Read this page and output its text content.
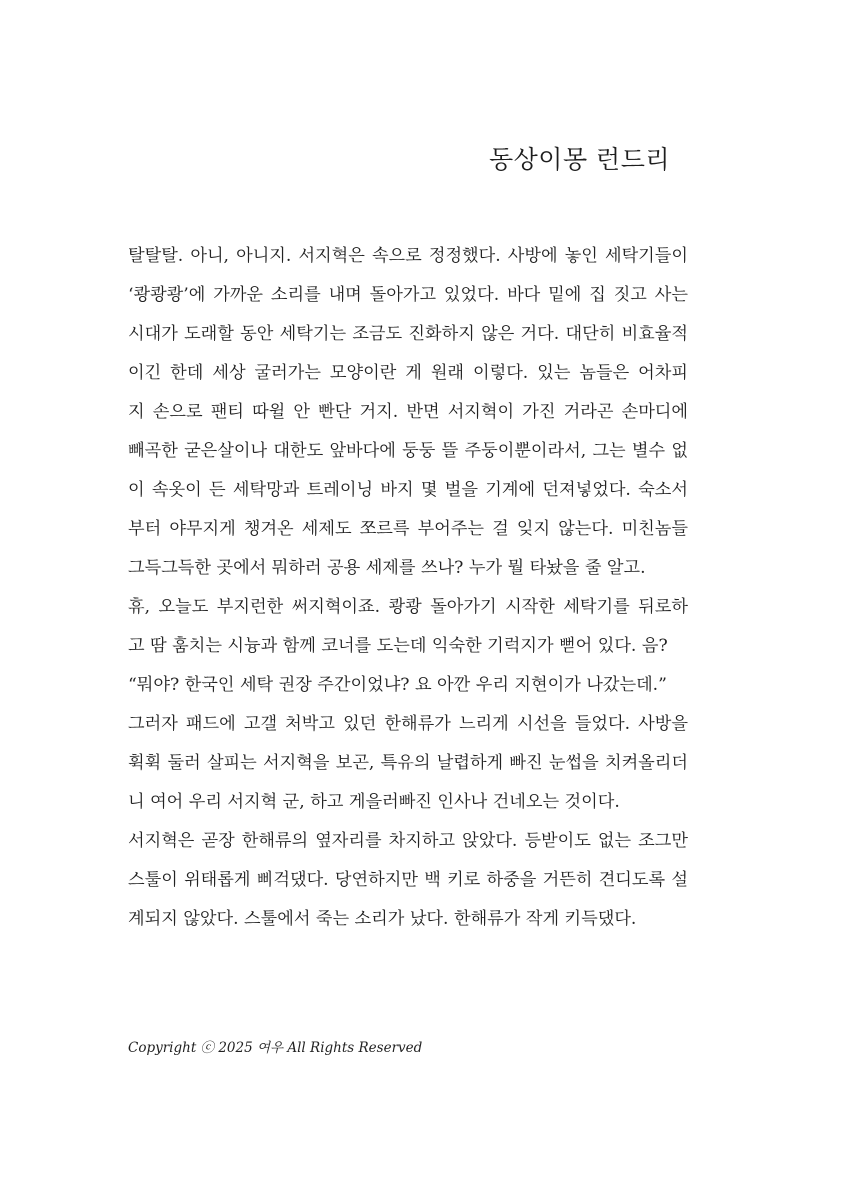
동상이몽 런드리
탈탈탈. 아니, 아니지. 서지혁은 속으로 정정했다. 사방에 놓인 세탁기들이
‘쾅쾅쾅’에 가까운 소리를 내며 돌아가고 있었다. 바다 밑에 집 짓고 사는
시대가 도래할 동안 세탁기는 조금도 진화하지 않은 거다. 대단히 비효율적
이긴 한데 세상 굴러가는 모양이란 게 원래 이렇다. 있는 놈들은 어차피
지 손으로 팬티 따윌 안 빤단 거지. 반면 서지혁이 가진 거라곤 손마디에
빼곡한 굳은살이나 대한도 앞바다에 둥둥 뜰 주둥이뿐이라서, 그는 별수 없
이 속옷이 든 세탁망과 트레이닝 바지 몇 벌을 기계에 던져넣었다. 숙소서
부터 야무지게 챙겨온 세제도 쪼르륵 부어주는 걸 잊지 않는다. 미친놈들
그득그득한 곳에서 뭐하러 공용 세제를 쓰나? 누가 뭘 타놨을 줄 알고.
휴, 오늘도 부지런한 써지혁이죠. 쾅쾅 돌아가기 시작한 세탁기를 뒤로하
고 땀 훔치는 시늉과 함께 코너를 도는데 익숙한 기럭지가 뻗어 있다. 음?
“뭐야? 한국인 세탁 권장 주간이었냐? 요 아깐 우리 지현이가 나갔는데.”
그러자 패드에 고갤 처박고 있던 한해류가 느리게 시선을 들었다. 사방을
휙휙 둘러 살피는 서지혁을 보곤, 특유의 날렵하게 빠진 눈썹을 치켜올리더
니 여어 우리 서지혁 군, 하고 게을러빠진 인사나 건네오는 것이다.
서지혁은 곧장 한해류의 옆자리를 차지하고 앉았다. 등받이도 없는 조그만
스툴이 위태롭게 삐걱댔다. 당연하지만 백 키로 하중을 거뜬히 견디도록 설
계되지 않았다. 스툴에서 죽는 소리가 났다. 한해류가 작게 키득댔다.
Copyright ⓒ 2025 여우 All Rights Reserved
